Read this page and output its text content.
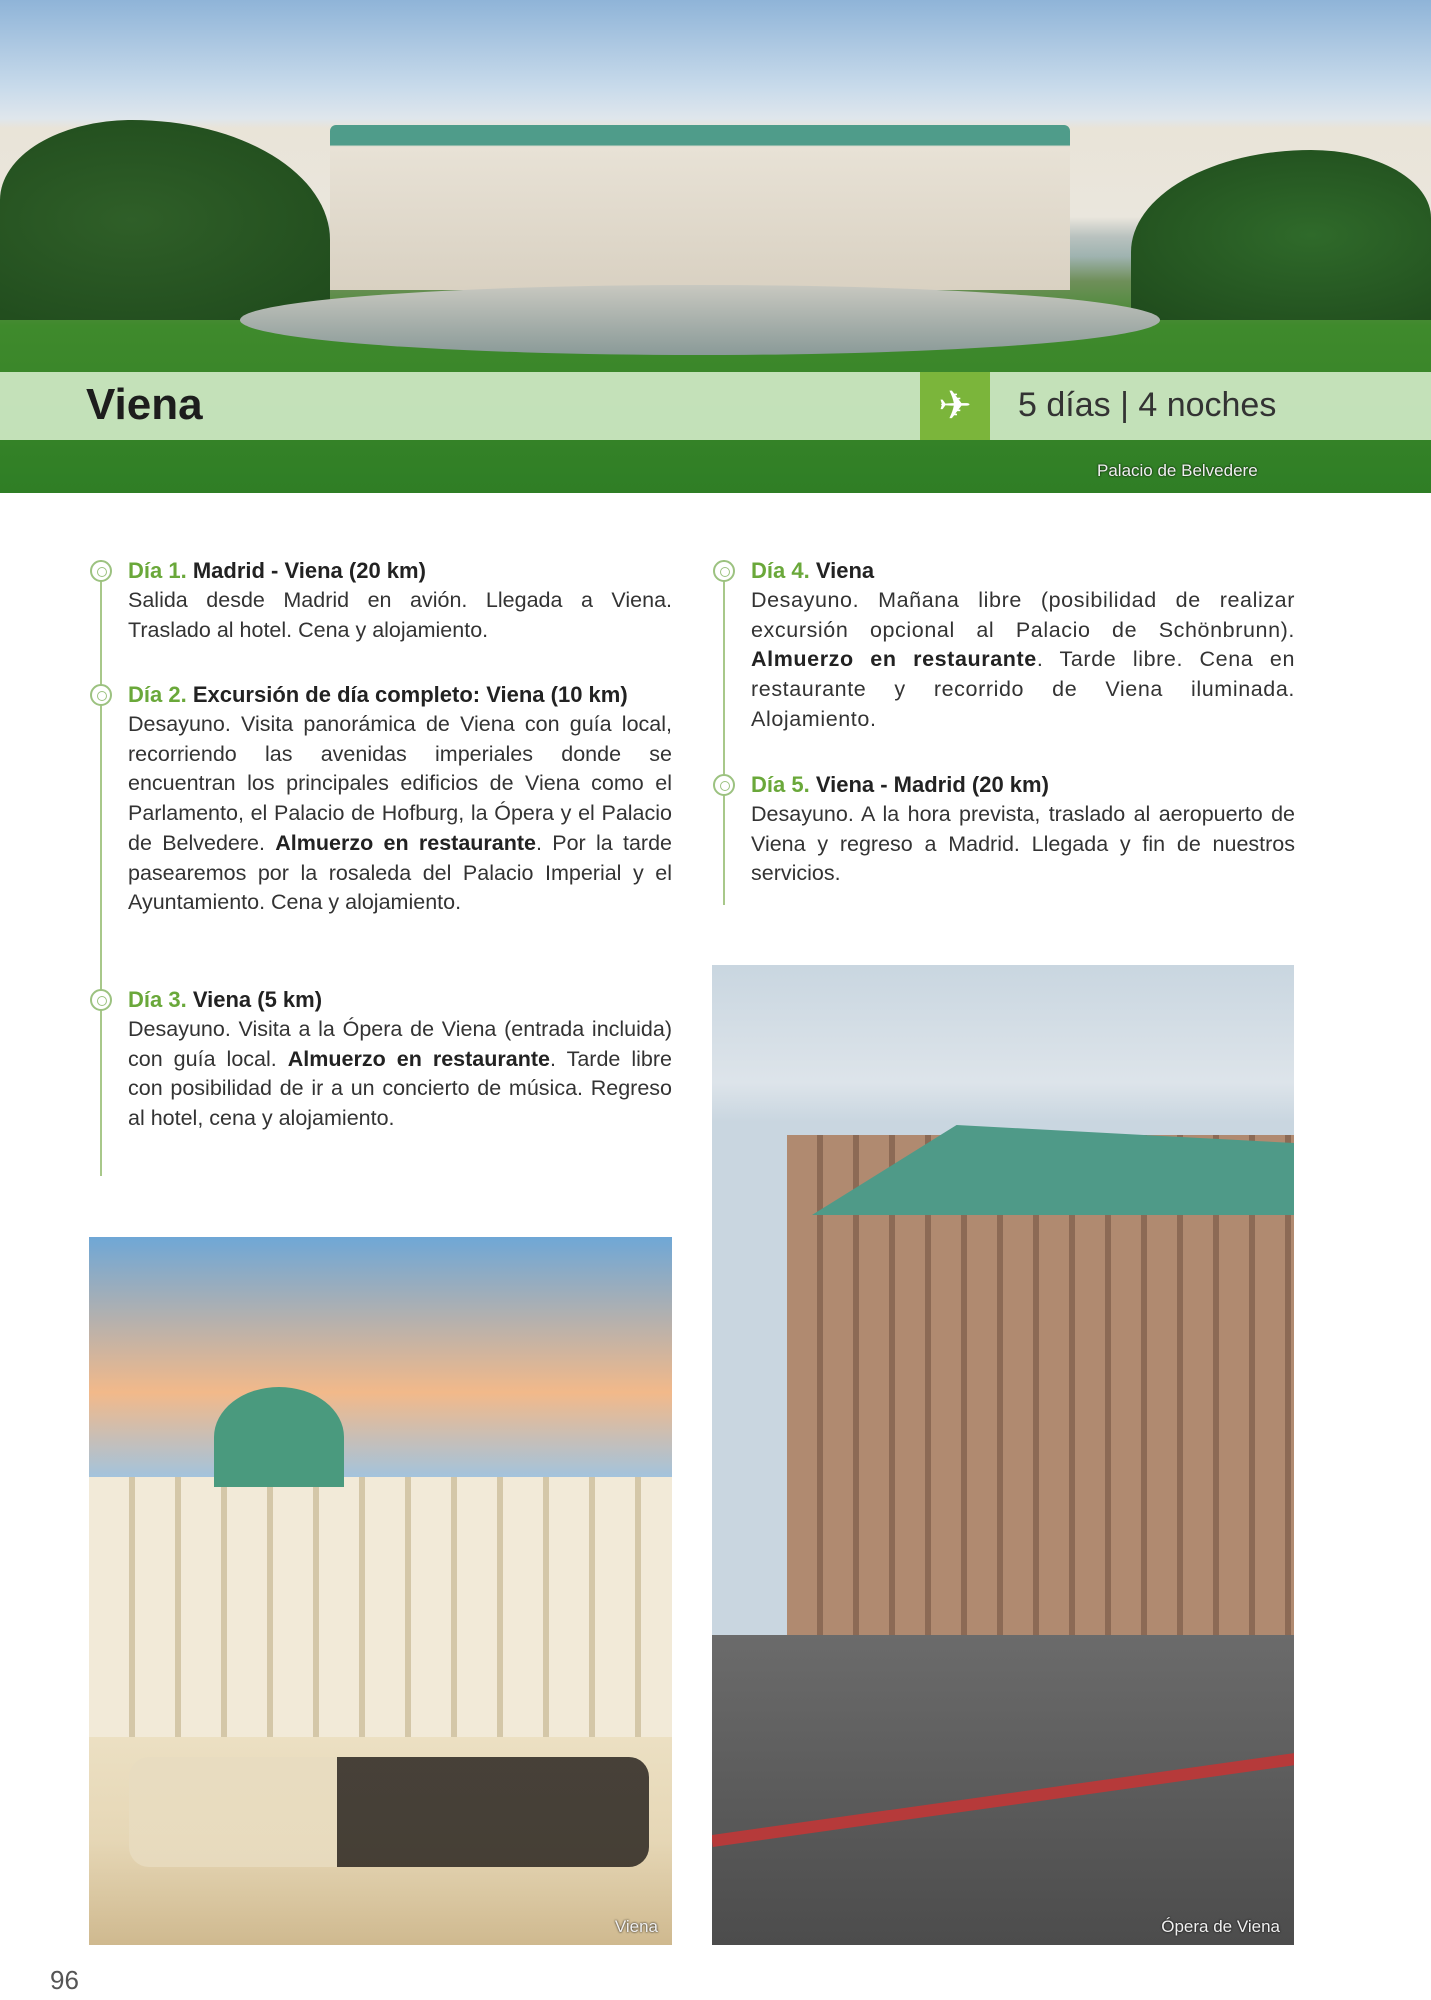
Viena	✈	5 días | 4 noches
Palacio de Belvedere
Día 1. Madrid - Viena (20 km)
Salida desde Madrid en avión. Llegada a Viena. Traslado al hotel. Cena y alojamiento.
Día 2. Excursión de día completo: Viena (10 km)
Desayuno. Visita panorámica de Viena con guía local, recorriendo las avenidas imperiales donde se encuentran los principales edificios de Viena como el Parlamento, el Palacio de Hofburg, la Ópera y el Palacio de Belvedere. Almuerzo en restaurante. Por la tarde pasearemos por la rosaleda del Palacio Imperial y el Ayuntamiento. Cena y alojamiento.
Día 3. Viena (5 km)
Desayuno. Visita a la Ópera de Viena (entrada incluida) con guía local. Almuerzo en restaurante. Tarde libre con posibilidad de ir a un concierto de música. Regreso al hotel, cena y alojamiento.
Día 4. Viena
Desayuno. Mañana libre (posibilidad de realizar excursión opcional al Palacio de Schönbrunn). Almuerzo en restaurante. Tarde libre. Cena en restaurante y recorrido de Viena iluminada. Alojamiento.
Día 5. Viena - Madrid (20 km)
Desayuno. A la hora prevista, traslado al aeropuerto de Viena y regreso a Madrid. Llegada y fin de nuestros servicios.
Viena	Ópera de Viena
96
